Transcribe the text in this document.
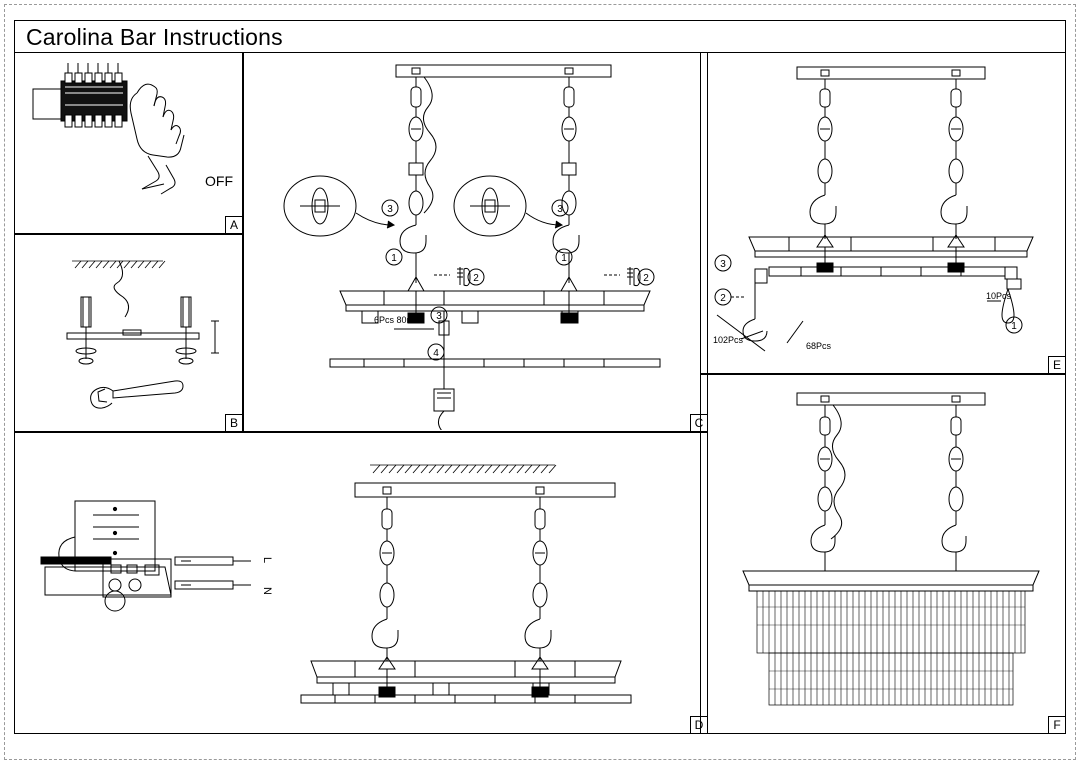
Carolina Bar Instructions
OFF
A
B
3	3
1	1
2	2
3
4
6Pcs 80mm
C
L
N
D
3
2
1
102Pcs
68Pcs
10Pcs
E
F
